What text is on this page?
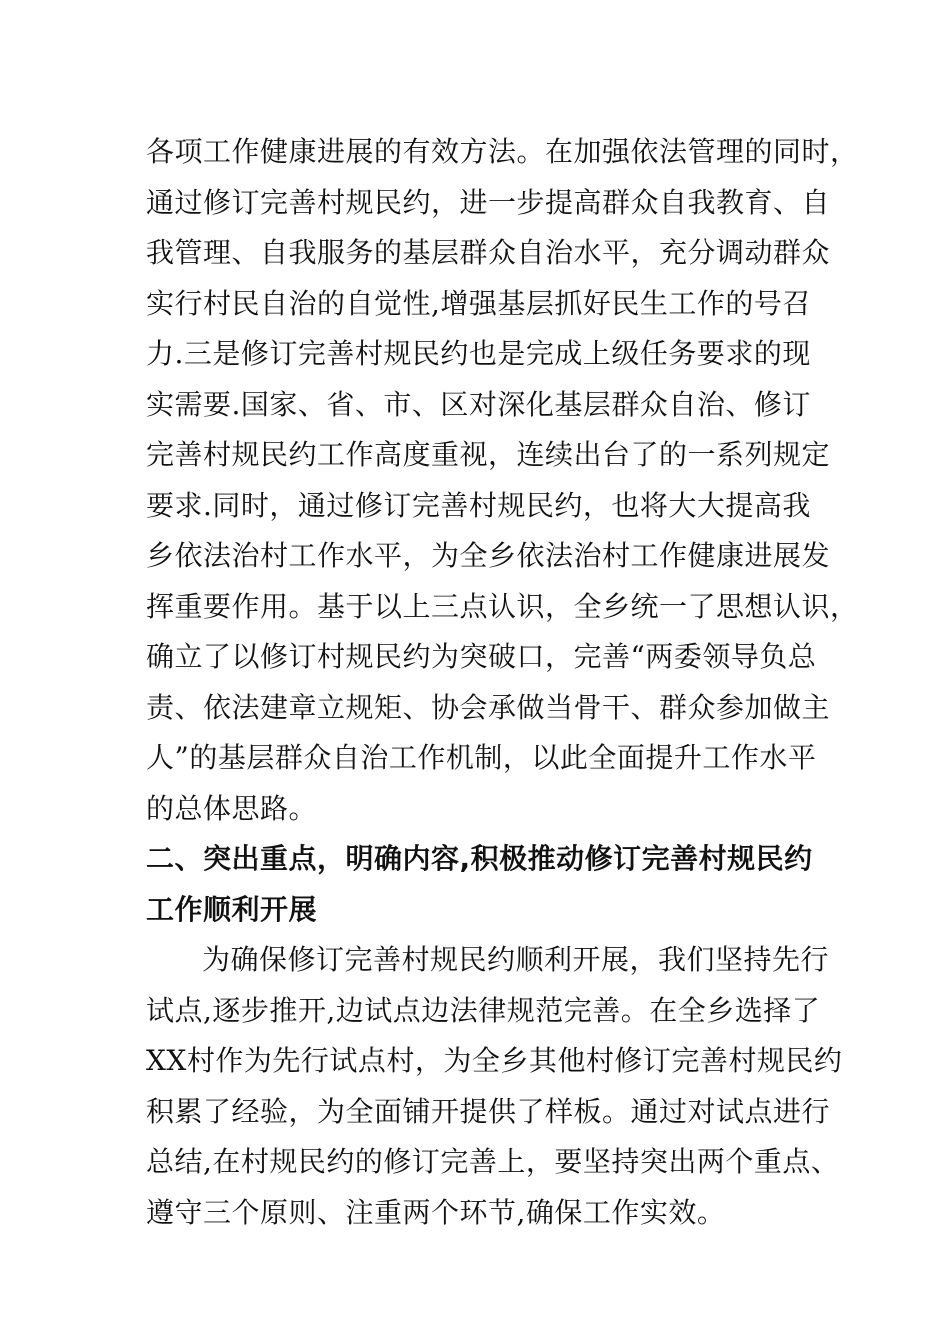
各项工作健康进展的有效方法。在加强依法管理的同时，
通过修订完善村规民约，进一步提高群众自我教育、自
我管理、自我服务的基层群众自治水平，充分调动群众
实行村民自治的自觉性,增强基层抓好民生工作的号召
力.三是修订完善村规民约也是完成上级任务要求的现
实需要.国家、省、市、区对深化基层群众自治、修订
完善村规民约工作高度重视，连续出台了的一系列规定
要求.同时，通过修订完善村规民约，也将大大提高我
乡依法治村工作水平，为全乡依法治村工作健康进展发
挥重要作用。基于以上三点认识，全乡统一了思想认识，
确立了以修订村规民约为突破口，完善“两委领导负总
责、依法建章立规矩、协会承做当骨干、群众参加做主
人”的基层群众自治工作机制，以此全面提升工作水平
的总体思路。
二、突出重点，明确内容,积极推动修订完善村规民约
工作顺利开展
为确保修订完善村规民约顺利开展，我们坚持先行
试点,逐步推开,边试点边法律规范完善。在全乡选择了
XX村作为先行试点村，为全乡其他村修订完善村规民约
积累了经验，为全面铺开提供了样板。通过对试点进行
总结,在村规民约的修订完善上，要坚持突出两个重点、
遵守三个原则、注重两个环节,确保工作实效。
